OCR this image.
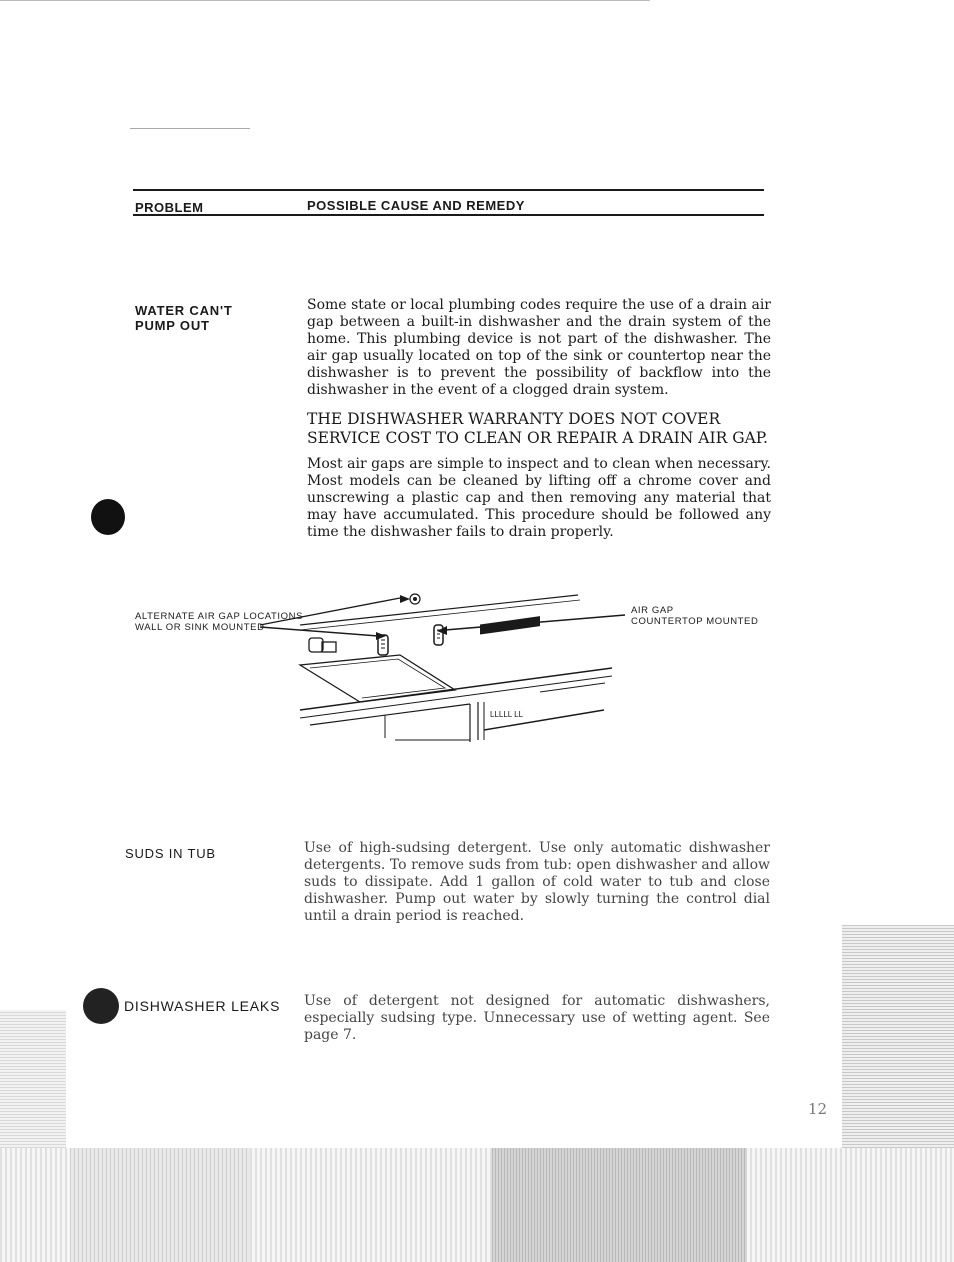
PROBLEM	POSSIBLE CAUSE AND REMEDY
WATER CAN'T
PUMP OUT

Some state or local plumbing codes require the use of a drain air gap between a built-in dishwasher and the drain system of the home. This plumbing device is not part of the dishwasher. The air gap usually located on top of the sink or countertop near the dishwasher is to prevent the possibility of backflow into the dishwasher in the event of a clogged drain system.

THE DISHWASHER WARRANTY DOES NOT COVER SERVICE COST TO CLEAN OR REPAIR A DRAIN AIR GAP.

Most air gaps are simple to inspect and to clean when necessary. Most models can be cleaned by lifting off a chrome cover and unscrewing a plastic cap and then removing any material that may have accumulated. This procedure should be followed any time the dishwasher fails to drain properly.

ALTERNATE AIR GAP LOCATIONS
WALL OR SINK MOUNTED
AIR GAP
COUNTERTOP MOUNTED
LLLLL LL
SUDS IN TUB	Use of high-sudsing detergent. Use only automatic dishwasher detergents. To remove suds from tub: open dishwasher and allow suds to dissipate. Add 1 gallon of cold water to tub and close dishwasher. Pump out water by slowly turning the control dial until a drain period is reached.

DISHWASHER LEAKS Use of detergent not designed for automatic dishwashers, especially sudsing type. Unnecessary use of wetting agent. See page 7.

12
